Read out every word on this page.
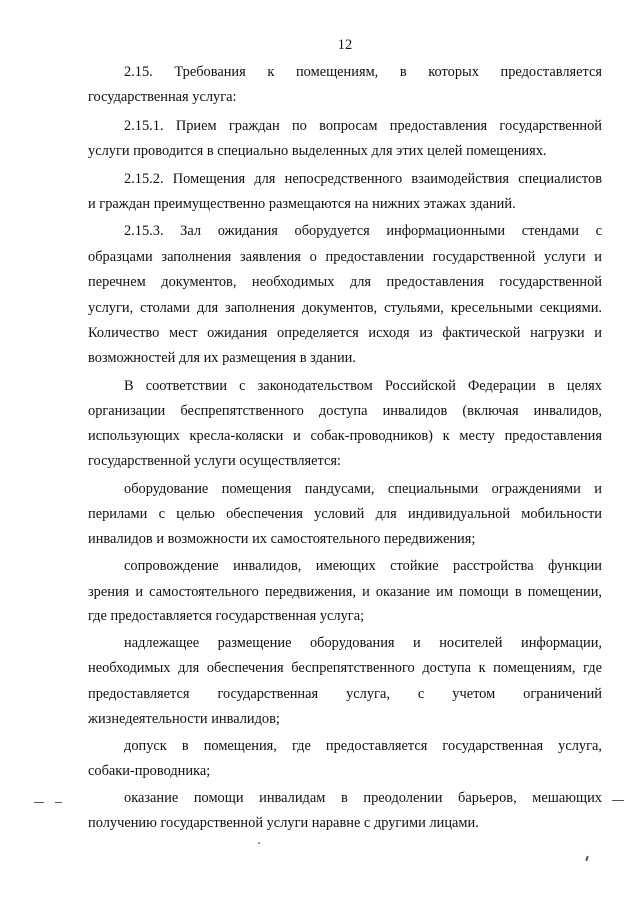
12
2.15. Требования к помещениям, в которых предоставляется
государственная услуга:
2.15.1. Прием граждан по вопросам предоставления государственной
услуги проводится в специально выделенных для этих целей помещениях.
2.15.2. Помещения для непосредственного взаимодействия специалистов
и граждан преимущественно размещаются на нижних этажах зданий.
2.15.3. Зал ожидания оборудуется информационными стендами с
образцами заполнения заявления о предоставлении государственной услуги и
перечнем документов, необходимых для предоставления государственной
услуги, столами для заполнения документов, стульями, кресельными секциями.
Количество мест ожидания определяется исходя из фактической нагрузки и
возможностей для их размещения в здании.
В соответствии с законодательством Российской Федерации в целях
организации беспрепятственного доступа инвалидов (включая инвалидов,
использующих кресла-коляски и собак-проводников) к месту предоставления
государственной услуги осуществляется:
оборудование помещения пандусами, специальными ограждениями и
перилами с целью обеспечения условий для индивидуальной мобильности
инвалидов и возможности их самостоятельного передвижения;
сопровождение инвалидов, имеющих стойкие расстройства функции
зрения и самостоятельного передвижения, и оказание им помощи в помещении,
где предоставляется государственная услуга;
надлежащее размещение оборудования и носителей информации,
необходимых для обеспечения беспрепятственного доступа к помещениям, где
предоставляется государственная услуга, с учетом ограничений
жизнедеятельности инвалидов;
допуск в помещения, где предоставляется государственная услуга,
собаки-проводника;
оказание помощи инвалидам в преодолении барьеров, мешающих
получению государственной услуги наравне с другими лицами.
